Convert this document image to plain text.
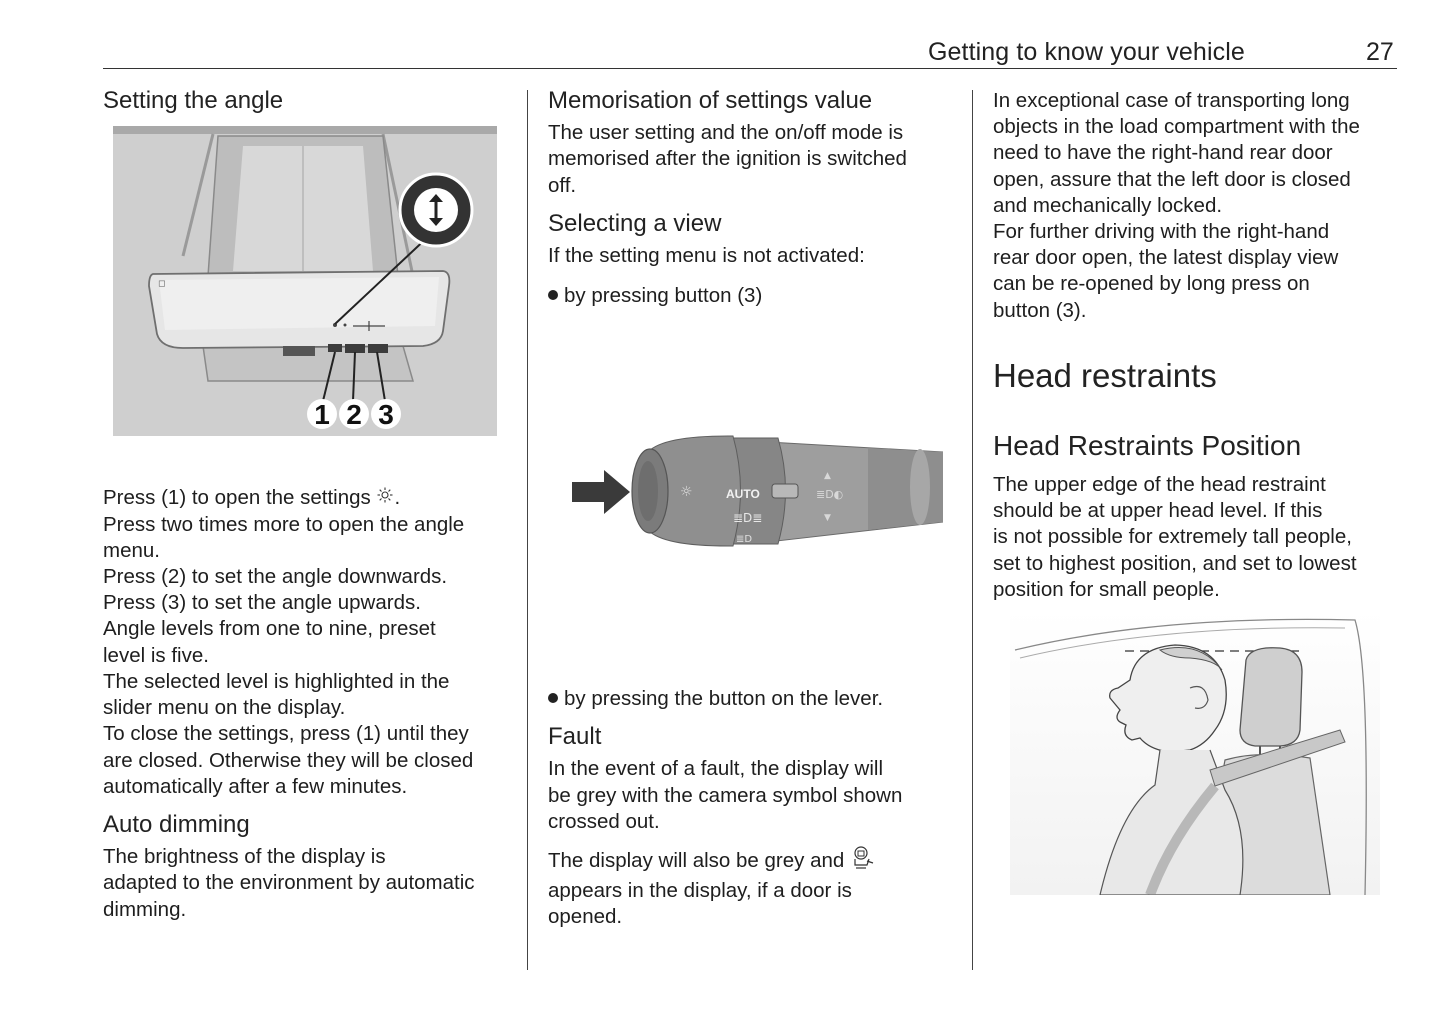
Getting to know your vehicle	27
Setting the angle
◻
1 2 3
Press (1) to open the settings .
Press two times more to open the angle
menu.
Press (2) to set the angle downwards.
Press (3) to set the angle upwards.
Angle levels from one to nine, preset
level is five.
The selected level is highlighted in the
slider menu on the display.
To close the settings, press (1) until they
are closed. Otherwise they will be closed
automatically after a few minutes.
Auto dimming
The brightness of the display is
adapted to the environment by automatic
dimming.
Memorisation of settings value
The user setting and the on/off mode is
memorised after the ignition is switched
off.
Selecting a view
If the setting menu is not activated:
by pressing button (3)
☼	AUTO
≣D≣
≣D
≣D◐
▲
▼
by pressing the button on the lever.
Fault
In the event of a fault, the display will
be grey with the camera symbol shown
crossed out.
The display will also be grey and
appears in the display, if a door is
opened.
In exceptional case of transporting long
objects in the load compartment with the
need to have the right-hand rear door
open, assure that the left door is closed
and mechanically locked.
For further driving with the right-hand
rear door open, the latest display view
can be re-opened by long press on
button (3).
Head restraints
Head Restraints Position
The upper edge of the head restraint
should be at upper head level. If this
is not possible for extremely tall people,
set to highest position, and set to lowest
position for small people.
